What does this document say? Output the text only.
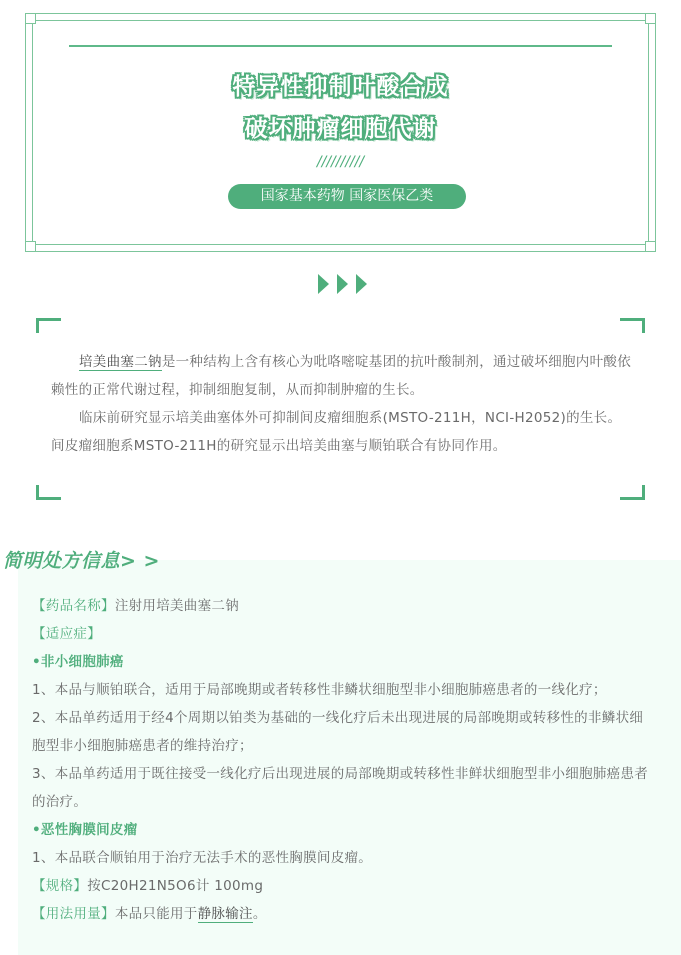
特异性抑制叶酸合成
破坏肿瘤细胞代谢
//////////
国家基本药物 国家医保乙类

培美曲塞二钠是一种结构上含有核心为吡咯嘧啶基团的抗叶酸制剂，通过破坏细胞内叶酸依赖性的正常代谢过程，抑制细胞复制，从而抑制肿瘤的生长。

临床前研究显示培美曲塞体外可抑制间皮瘤细胞系(MSTO-211H，NCI-H2052)的生长。间皮瘤细胞系MSTO-211H的研究显示出培美曲塞与顺铂联合有协同作用。

简明处方信息> >
【药品名称】注射用培美曲塞二钠
【适应症】
•非小细胞肺癌
1、本品与顺铂联合，适用于局部晚期或者转移性非鳞状细胞型非小细胞肺癌患者的一线化疗；
2、本品单药适用于经4个周期以铂类为基础的一线化疗后未出现进展的局部晚期或转移性的非鳞状细胞型非小细胞肺癌患者的维持治疗；
3、本品单药适用于既往接受一线化疗后出现进展的局部晚期或转移性非鲜状细胞型非小细胞肺癌患者的治疗。
•恶性胸膜间皮瘤
1、本品联合顺铂用于治疗无法手术的恶性胸膜间皮瘤。
【规格】按C20H21N5O6计 100mg
【用法用量】本品只能用于静脉输注。
